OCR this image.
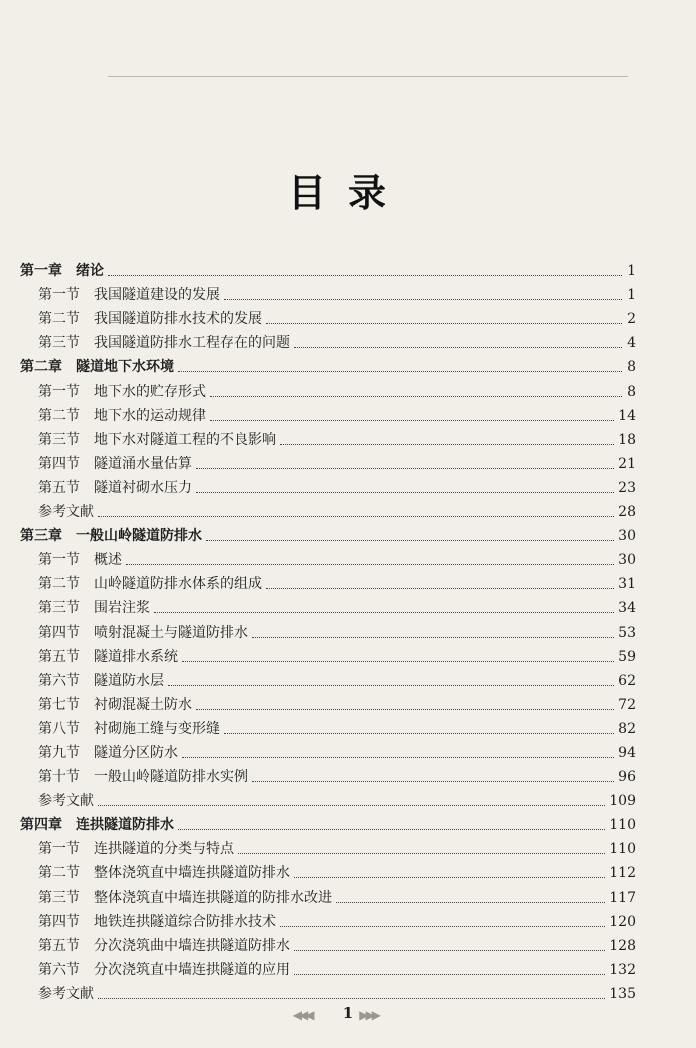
目录
第一章 绪论	1
第一节 我国隧道建设的发展	1
第二节 我国隧道防排水技术的发展	2
第三节 我国隧道防排水工程存在的问题	4
第二章 隧道地下水环境	8
第一节 地下水的贮存形式	8
第二节 地下水的运动规律	14
第三节 地下水对隧道工程的不良影响	18
第四节 隧道涌水量估算	21
第五节 隧道衬砌水压力	23
参考文献	28
第三章 一般山岭隧道防排水	30
第一节 概述	30
第二节 山岭隧道防排水体系的组成	31
第三节 围岩注浆	34
第四节 喷射混凝土与隧道防排水	53
第五节 隧道排水系统	59
第六节 隧道防水层	62
第七节 衬砌混凝土防水	72
第八节 衬砌施工缝与变形缝	82
第九节 隧道分区防水	94
第十节 一般山岭隧道防排水实例	96
参考文献	109
第四章 连拱隧道防排水	110
第一节 连拱隧道的分类与特点	110
第二节 整体浇筑直中墙连拱隧道防排水	112
第三节 整体浇筑直中墙连拱隧道的防排水改进	117
第四节 地铁连拱隧道综合防排水技术	120
第五节 分次浇筑曲中墙连拱隧道防排水	128
第六节 分次浇筑直中墙连拱隧道的应用	132
参考文献	135
◀◀◀	1 ▶▶▶
